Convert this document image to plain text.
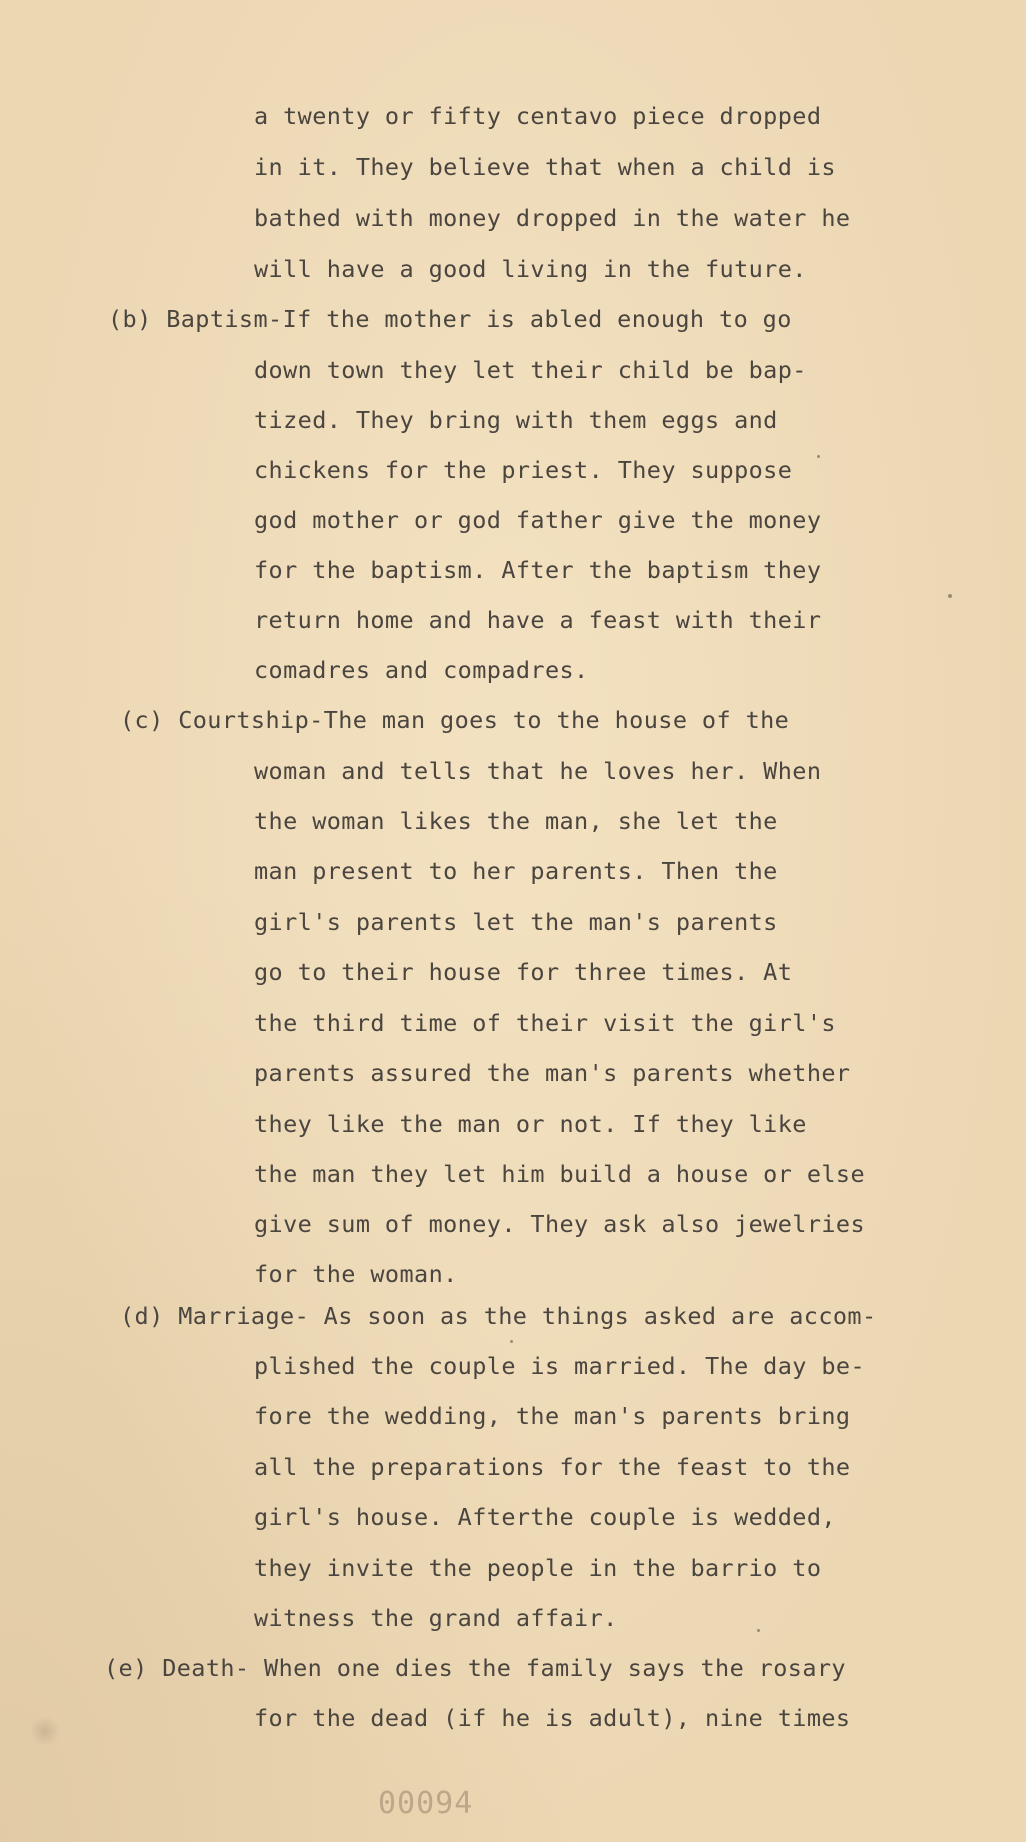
a twenty or fifty centavo piece dropped
in it. They believe that when a child is
bathed with money dropped in the water he
will have a good living in the future.
(b) Baptism-If the mother is abled enough to go
down town they let their child be bap-
tized. They bring with them eggs and
chickens for the priest. They suppose
god mother or god father give the money
for the baptism. After the baptism they
return home and have a feast with their
comadres and compadres.
(c) Courtship-The man goes to the house of the
woman and tells that he loves her. When
the woman likes the man, she let the
man present to her parents. Then the
girl's parents let the man's parents
go to their house for three times. At
the third time of their visit the girl's
parents assured the man's parents whether
they like the man or not. If they like
the man they let him build a house or else
give sum of money. They ask also jewelries
for the woman.
(d) Marriage- As soon as the things asked are accom-
plished the couple is married. The day be-
fore the wedding, the man's parents bring
all the preparations for the feast to the
girl's house. Afterthe couple is wedded,
they invite the people in the barrio to
witness the grand affair.
(e) Death- When one dies the family says the rosary
for the dead (if he is adult), nine times
00094
